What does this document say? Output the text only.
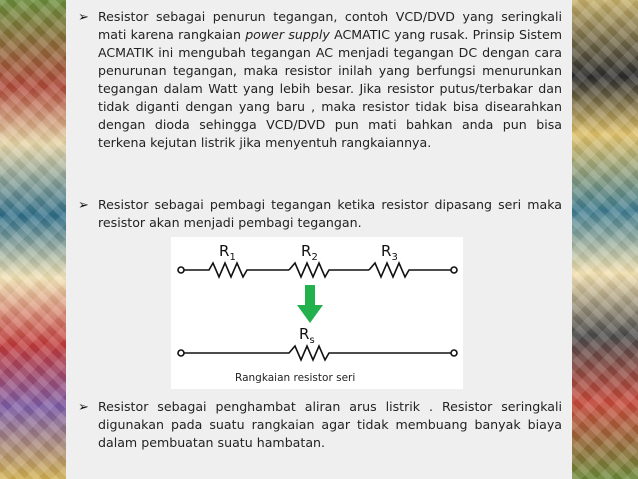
➢ Resistor sebagai penurun tegangan, contoh VCD/DVD yang seringkali mati karena rangkaian power supply ACMATIC yang rusak. Prinsip Sistem ACMATIK ini mengubah tegangan AC menjadi tegangan DC dengan cara penurunan tegangan, maka resistor inilah yang berfungsi menurunkan tegangan dalam Watt yang lebih besar. Jika resistor putus/terbakar dan tidak diganti dengan yang baru , maka resistor tidak bisa disearahkan dengan dioda sehingga VCD/DVD pun mati bahkan anda pun bisa terkena kejutan listrik jika menyentuh rangkaiannya.
➢ Resistor sebagai pembagi tegangan ketika resistor dipasang seri maka resistor akan menjadi pembagi tegangan.
$R_1$	$R_2$	$R_3$
$R_s$
Rangkaian resistor seri
➢ Resistor sebagai penghambat aliran arus listrik . Resistor seringkali digunakan pada suatu rangkaian agar tidak membuang banyak biaya dalam pembuatan suatu hambatan.
